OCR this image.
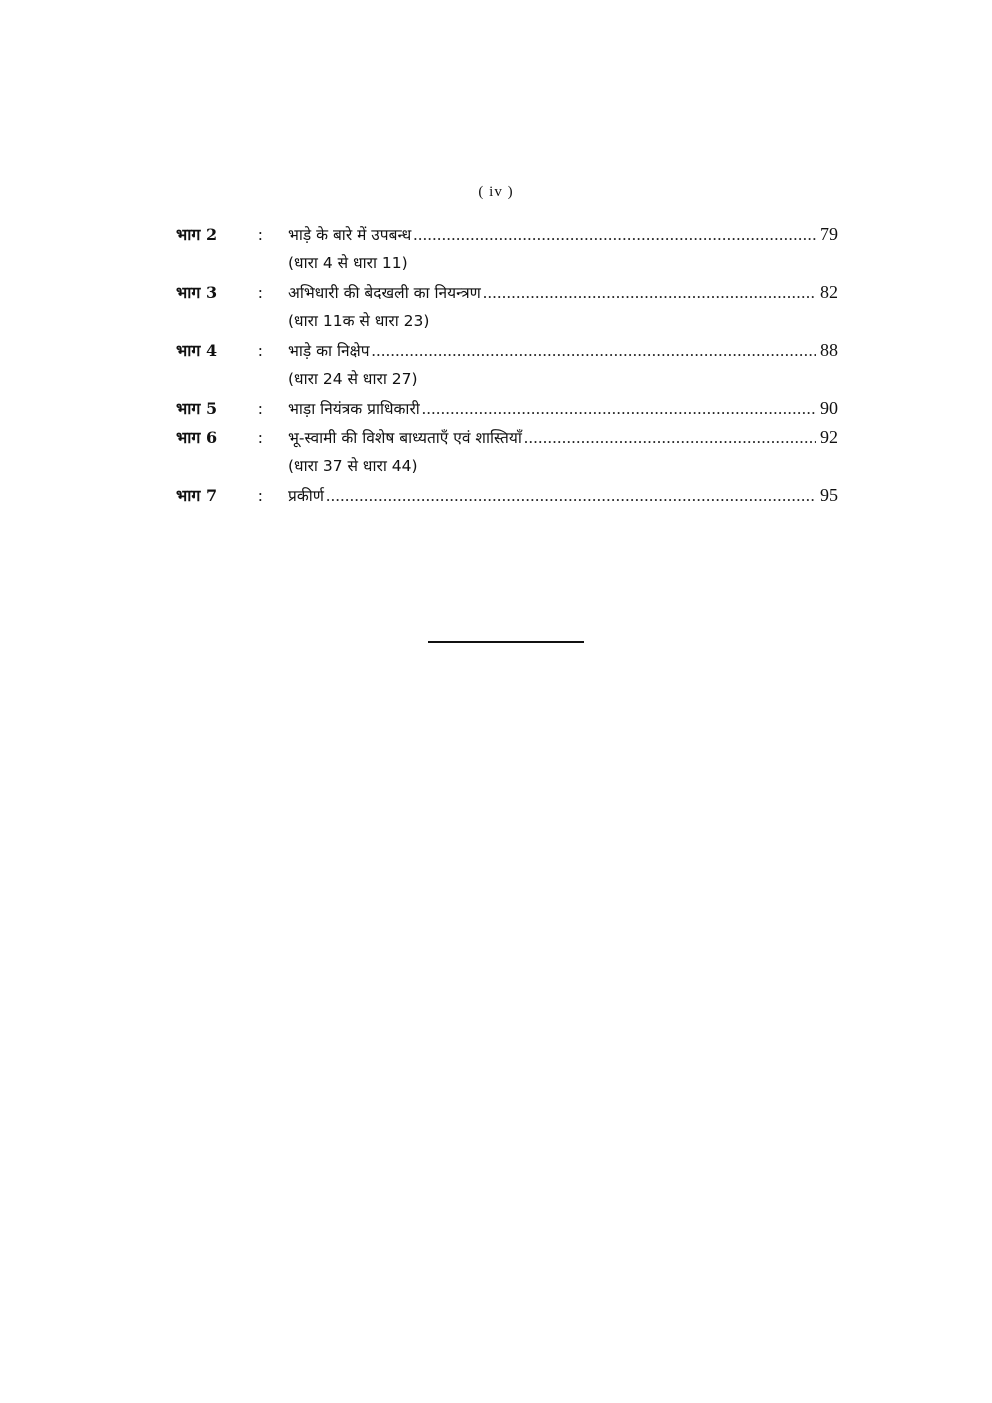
( iv )
भाग 2 : भाड़े के बारे में उपबन्ध .....	79
(धारा 4 से धारा 11)
भाग 3 : अभिधारी की बेदखली का नियन्त्रण .....	82
(धारा 11क से धारा 23)
भाग 4 : भाड़े का निक्षेप .....	88
(धारा 24 से धारा 27)
भाग 5 : भाड़ा नियंत्रक प्राधिकारी .....	90
भाग 6 : भू-स्वामी की विशेष बाध्यताएँ एवं शास्तियाँ .....	92
(धारा 37 से धारा 44)
भाग 7 : प्रकीर्ण .....	95
